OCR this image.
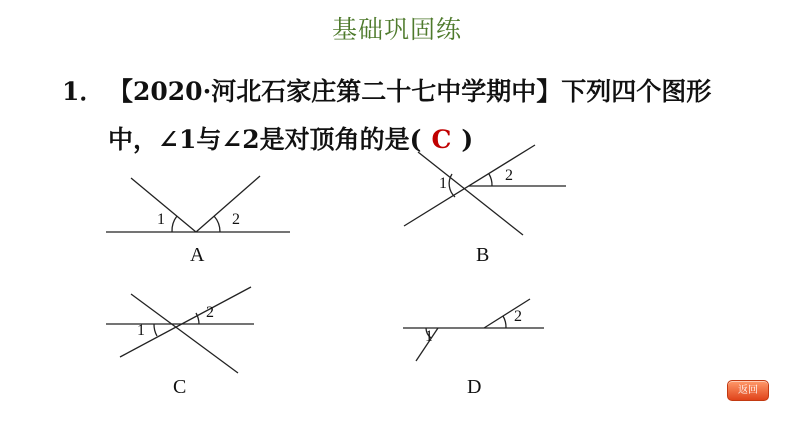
基础巩固练
1． 【2020·河北石家庄第二十七中学期中】下列四个图形
中，∠1与∠2是对顶角的是( C )
1	2
A
1	2
B
1
2
C
1
2
D	返回
